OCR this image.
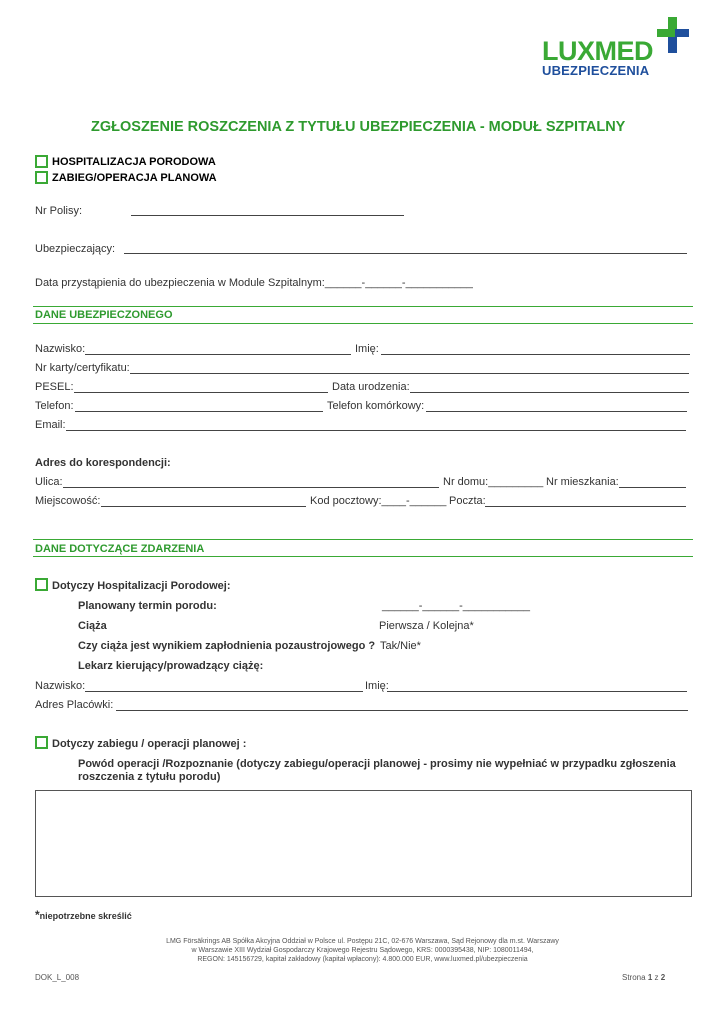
LUXMED
UBEZPIECZENIA
ZGŁOSZENIE ROSZCZENIA Z TYTUŁU UBEZPIECZENIA - MODUŁ SZPITALNY
HOSPITALIZACJA PORODOWA
ZABIEG/OPERACJA PLANOWA
Nr Polisy:
Ubezpieczający:
Data przystąpienia do ubezpieczenia w Module Szpitalnym:______-______-___________
DANE UBEZPIECZONEGO
Nazwisko:	Imię:
Nr karty/certyfikatu:
PESEL:	Data urodzenia:
Telefon:	Telefon komórkowy:
Email:
Adres do korespondencji:
Ulica:	Nr domu:_________ Nr mieszkania:
Miejscowość:	Kod pocztowy:____-______ Poczta:
DANE DOTYCZĄCE ZDARZENIA
Dotyczy Hospitalizacji Porodowej:
Planowany termin porodu:	______-______-___________
Ciąża	Pierwsza / Kolejna*
Czy ciąża jest wynikiem zapłodnienia pozaustrojowego ? Tak/Nie*
Lekarz kierujący/prowadzący ciążę:
Nazwisko:	Imię:
Adres Placówki:
Dotyczy zabiegu / operacji planowej :
Powód operacji /Rozpoznanie (dotyczy zabiegu/operacji planowej - prosimy nie wypełniać w przypadku zgłoszenia
roszczenia z tytułu porodu)
*niepotrzebne skreślić
LMG Försäkrings AB Spółka Akcyjna Oddział w Polsce ul. Postępu 21C, 02-676 Warszawa, Sąd Rejonowy dla m.st. Warszawy
w Warszawie XIII Wydział Gospodarczy Krajowego Rejestru Sądowego, KRS: 0000395438, NIP: 1080011494,
REGON: 145156729, kapitał zakładowy (kapitał wpłacony): 4.800.000 EUR, www.luxmed.pl/ubezpieczenia
DOK_L_008	Strona 1 z 2
